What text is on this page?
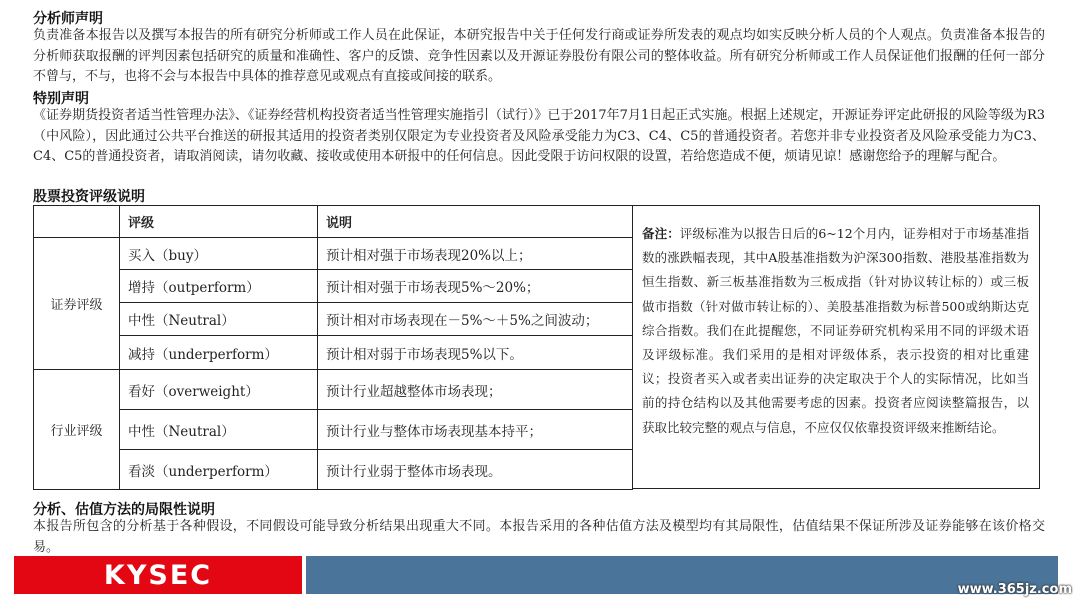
分析师声明

负责准备本报告以及撰写本报告的所有研究分析师或工作人员在此保证，本研究报告中关于任何发行商或证券所发表的观点均如实反映分析人员的个人观点。负责准备本报告的分析师获取报酬的评判因素包括研究的质量和准确性、客户的反馈、竞争性因素以及开源证券股份有限公司的整体收益。所有研究分析师或工作人员保证他们报酬的任何一部分不曾与，不与，也将不会与本报告中具体的推荐意见或观点有直接或间接的联系。

特别声明

《证券期货投资者适当性管理办法》、《证券经营机构投资者适当性管理实施指引（试行）》已于2017年7月1日起正式实施。根据上述规定，开源证券评定此研报的风险等级为R3（中风险），因此通过公共平台推送的研报其适用的投资者类别仅限定为专业投资者及风险承受能力为C3、C4、C5的普通投资者。若您并非专业投资者及风险承受能力为C3、C4、C5的普通投资者，请取消阅读，请勿收藏、接收或使用本研报中的任何信息。因此受限于访问权限的设置，若给您造成不便，烦请见谅！感谢您给予的理解与配合。

股票投资评级说明
	评级	说明
证券评级	买入（buy）	预计相对强于市场表现20%以上；
	增持（outperform）	预计相对强于市场表现5%～20%；
	中性（Neutral）	预计相对市场表现在－5%～＋5%之间波动；
	减持（underperform）	预计相对弱于市场表现5%以下。
行业评级	看好（overweight）	预计行业超越整体市场表现；
	中性（Neutral）	预计行业与整体市场表现基本持平；
	看淡（underperform）	预计行业弱于整体市场表现。
备注：评级标准为以报告日后的6~12个月内，证券相对于市场基准指数的涨跌幅表现，其中A股基准指数为沪深300指数、港股基准指数为恒生指数、新三板基准指数为三板成指（针对协议转让标的）或三板做市指数（针对做市转让标的）、美股基准指数为标普500或纳斯达克综合指数。我们在此提醒您，不同证券研究机构采用不同的评级术语及评级标准。我们采用的是相对评级体系，表示投资的相对比重建议；投资者买入或者卖出证券的决定取决于个人的实际情况，比如当前的持仓结构以及其他需要考虑的因素。投资者应阅读整篇报告，以获取比较完整的观点与信息，不应仅仅依靠投资评级来推断结论。
分析、估值方法的局限性说明

本报告所包含的分析基于各种假设，不同假设可能导致分析结果出现重大不同。本报告采用的各种估值方法及模型均有其局限性，估值结果不保证所涉及证券能够在该价格交易。

KYSEC	www.365jz.com
